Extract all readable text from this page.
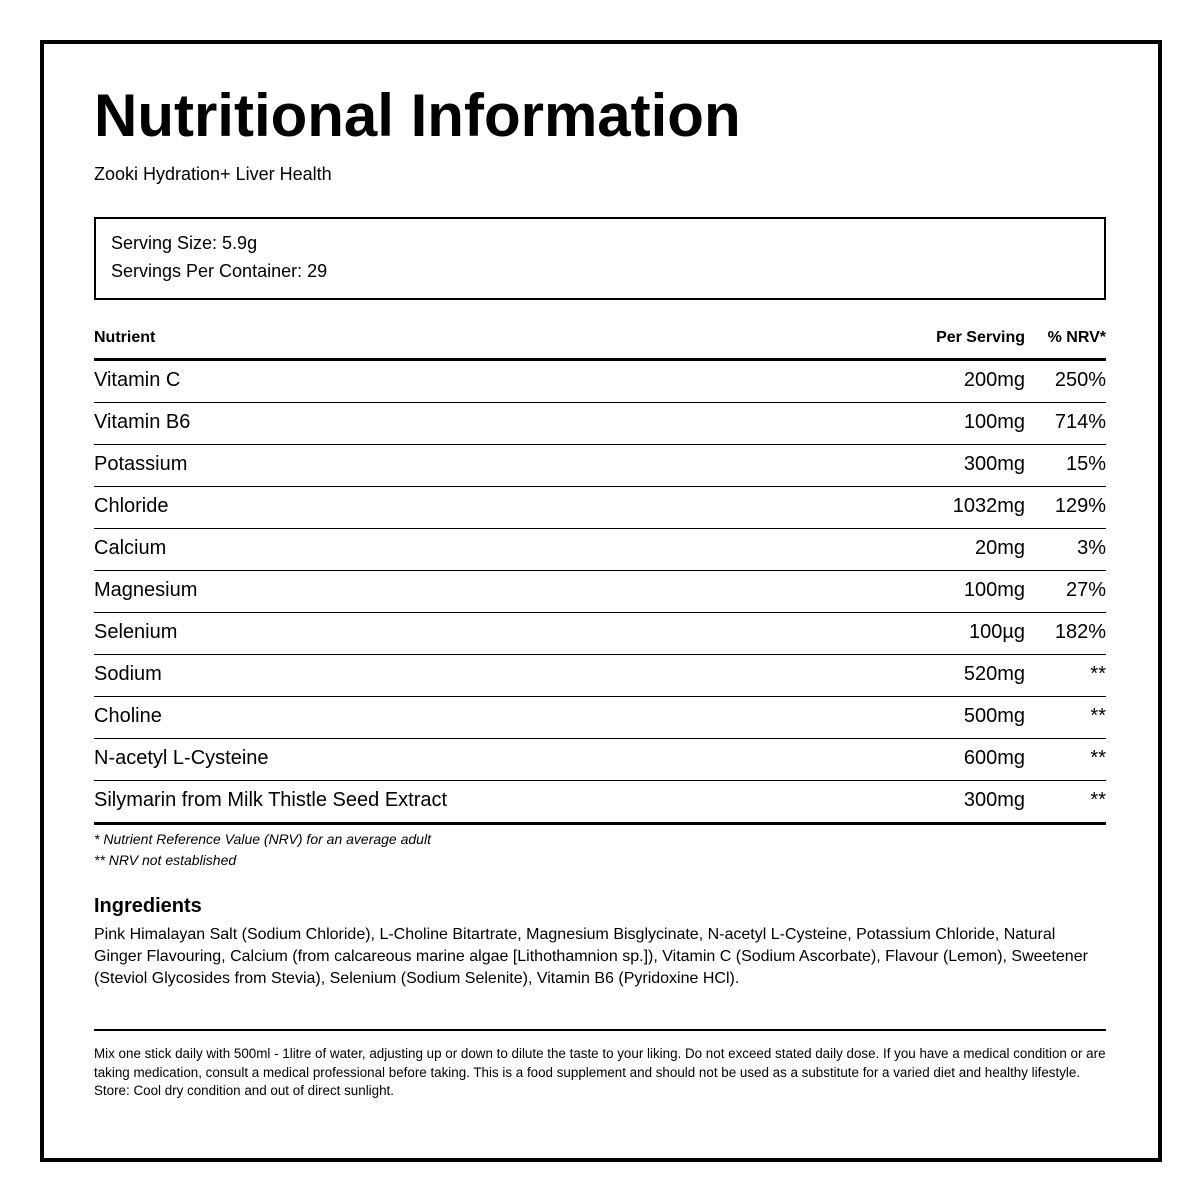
Nutritional Information
Zooki Hydration+ Liver Health
Serving Size: 5.9g
Servings Per Container: 29
Nutrient	Per Serving % NRV*
Vitamin C	200mg 250%
Vitamin B6	100mg 714%
Potassium	300mg 15%
Chloride	1032mg 129%
Calcium	20mg	3%
Magnesium	100mg 27%
Selenium	100µg 182%
Sodium	520mg	**
Choline	500mg	**
N-acetyl L-Cysteine	600mg	**
Silymarin from Milk Thistle Seed Extract	300mg	**
* Nutrient Reference Value (NRV) for an average adult
** NRV not established
Ingredients
Pink Himalayan Salt (Sodium Chloride), L-Choline Bitartrate, Magnesium Bisglycinate, N-acetyl L-Cysteine, Potassium Chloride, Natural Ginger Flavouring, Calcium (from calcareous marine algae [Lithothamnion sp.]), Vitamin C (Sodium Ascorbate), Flavour (Lemon), Sweetener (Steviol Glycosides from Stevia), Selenium (Sodium Selenite), Vitamin B6 (Pyridoxine HCl).
Mix one stick daily with 500ml - 1litre of water, adjusting up or down to dilute the taste to your liking. Do not exceed stated daily dose. If you have a medical condition or are taking medication, consult a medical professional before taking. This is a food supplement and should not be used as a substitute for a varied diet and healthy lifestyle. Store: Cool dry condition and out of direct sunlight.
